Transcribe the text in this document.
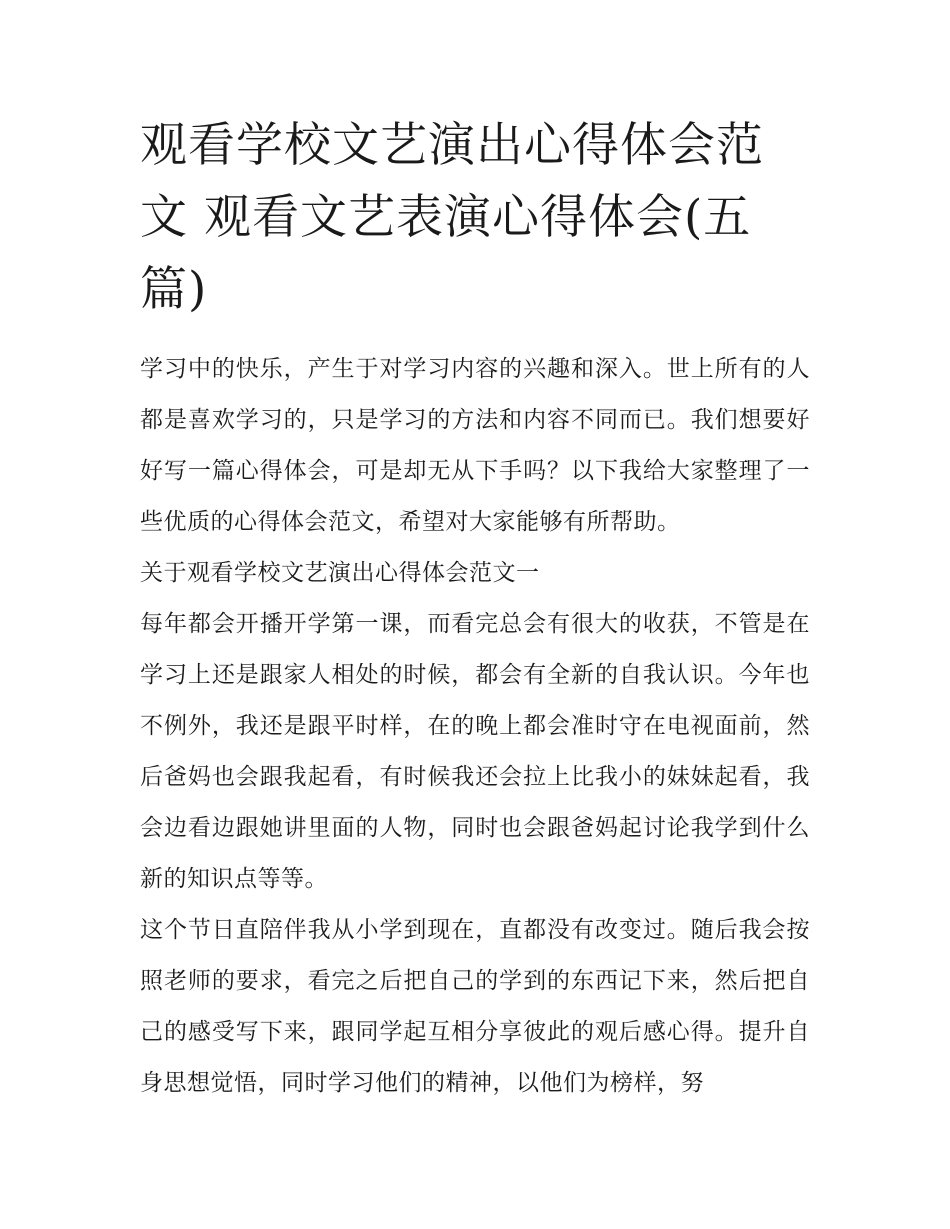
观看学校文艺演出心得体会范文 观看文艺表演心得体会(五篇)

学习中的快乐，产生于对学习内容的兴趣和深入。世上所有的人都是喜欢学习的，只是学习的方法和内容不同而已。我们想要好好写一篇心得体会，可是却无从下手吗？以下我给大家整理了一些优质的心得体会范文，希望对大家能够有所帮助。

关于观看学校文艺演出心得体会范文一

每年都会开播开学第一课，而看完总会有很大的收获，不管是在学习上还是跟家人相处的时候，都会有全新的自我认识。今年也不例外，我还是跟平时样，在的晚上都会准时守在电视面前，然后爸妈也会跟我起看，有时候我还会拉上比我小的妹妹起看，我会边看边跟她讲里面的人物，同时也会跟爸妈起讨论我学到什么新的知识点等等。

这个节日直陪伴我从小学到现在，直都没有改变过。随后我会按照老师的要求，看完之后把自己的学到的东西记下来，然后把自己的感受写下来，跟同学起互相分享彼此的观后感心得。提升自身思想觉悟，同时学习他们的精神，以他们为榜样，努
